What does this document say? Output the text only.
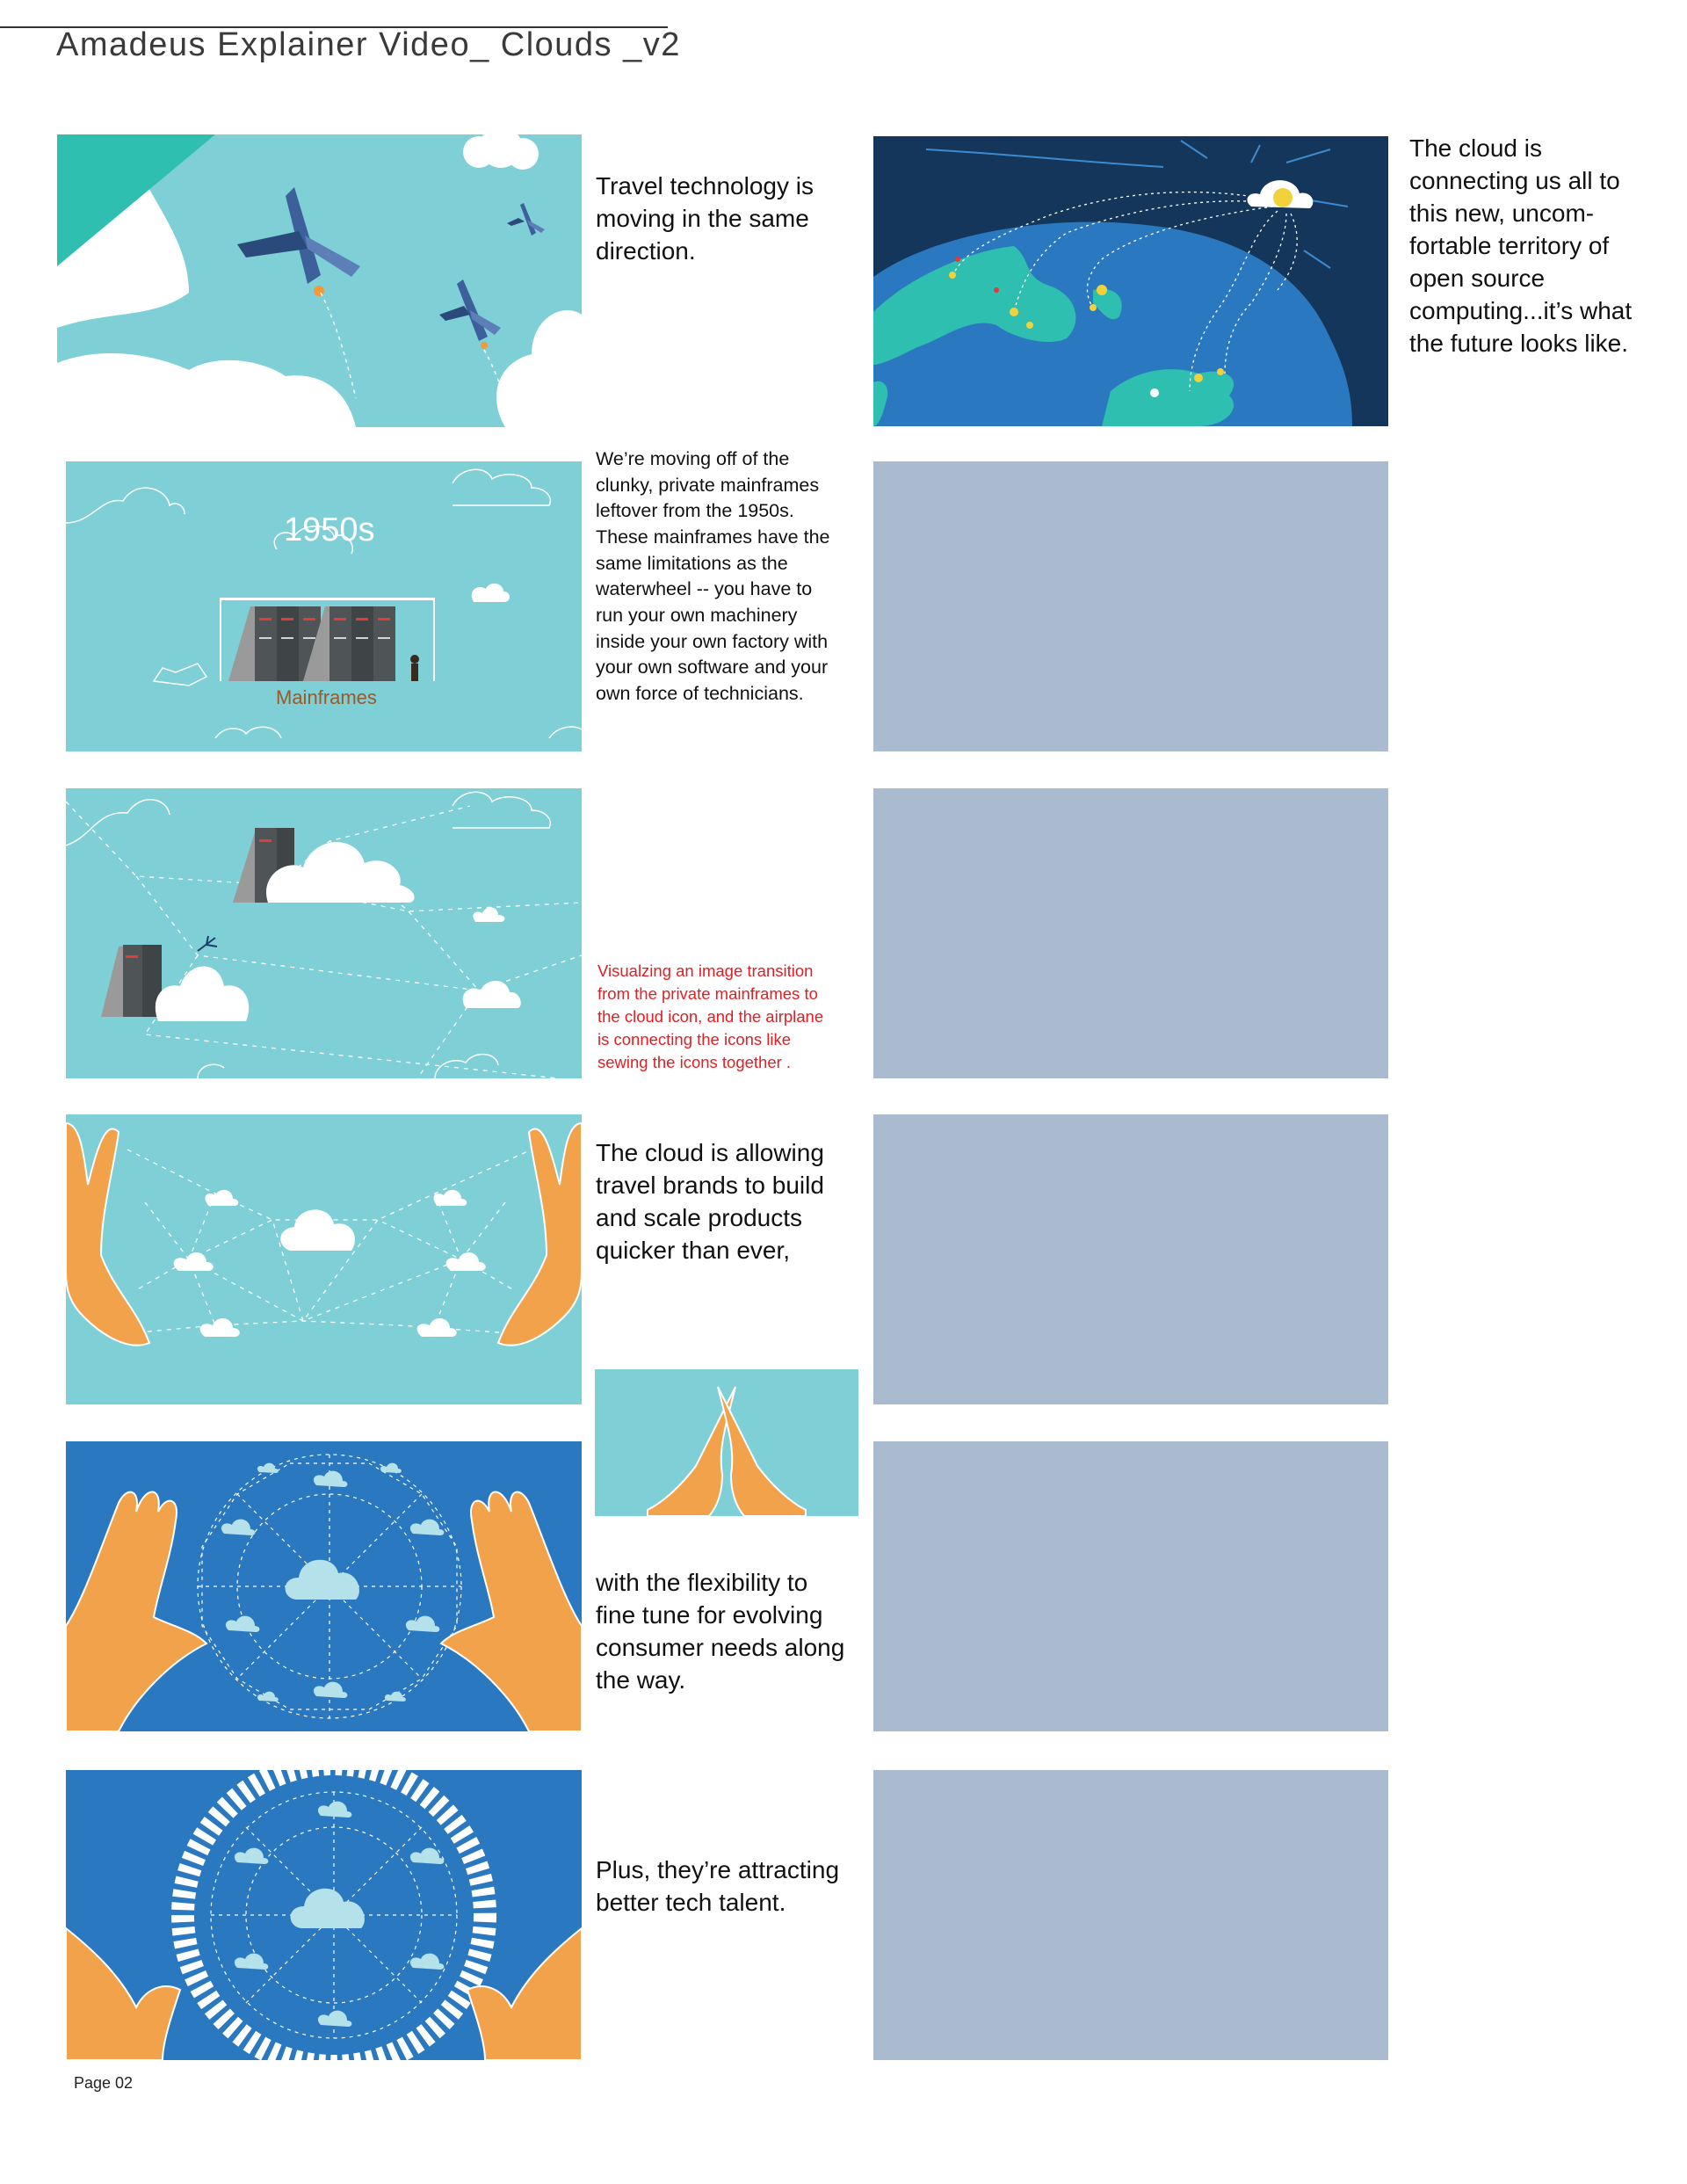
Amadeus Explainer Video_ Clouds _v2
Travel technology is moving in the same direction.
1950s
Mainframes
We’re moving off of the clunky, private mainframes leftover from the 1950s. These mainframes have the same limitations as the waterwheel -- you have to run your own machinery inside your own factory with your own software and your own force of technicians.
Visualzing an image transition from the private mainframes to the cloud icon, and the airplane is connecting the icons like sewing the icons together .
The cloud is allowing travel brands to build and scale products quicker than ever,
with the flexibility to fine tune for evolving consumer needs along the way.
Plus, they’re attracting better tech talent.
The cloud is connecting us all to this new, uncom-fortable territory of open source computing...it’s what the future looks like.
Page 02
